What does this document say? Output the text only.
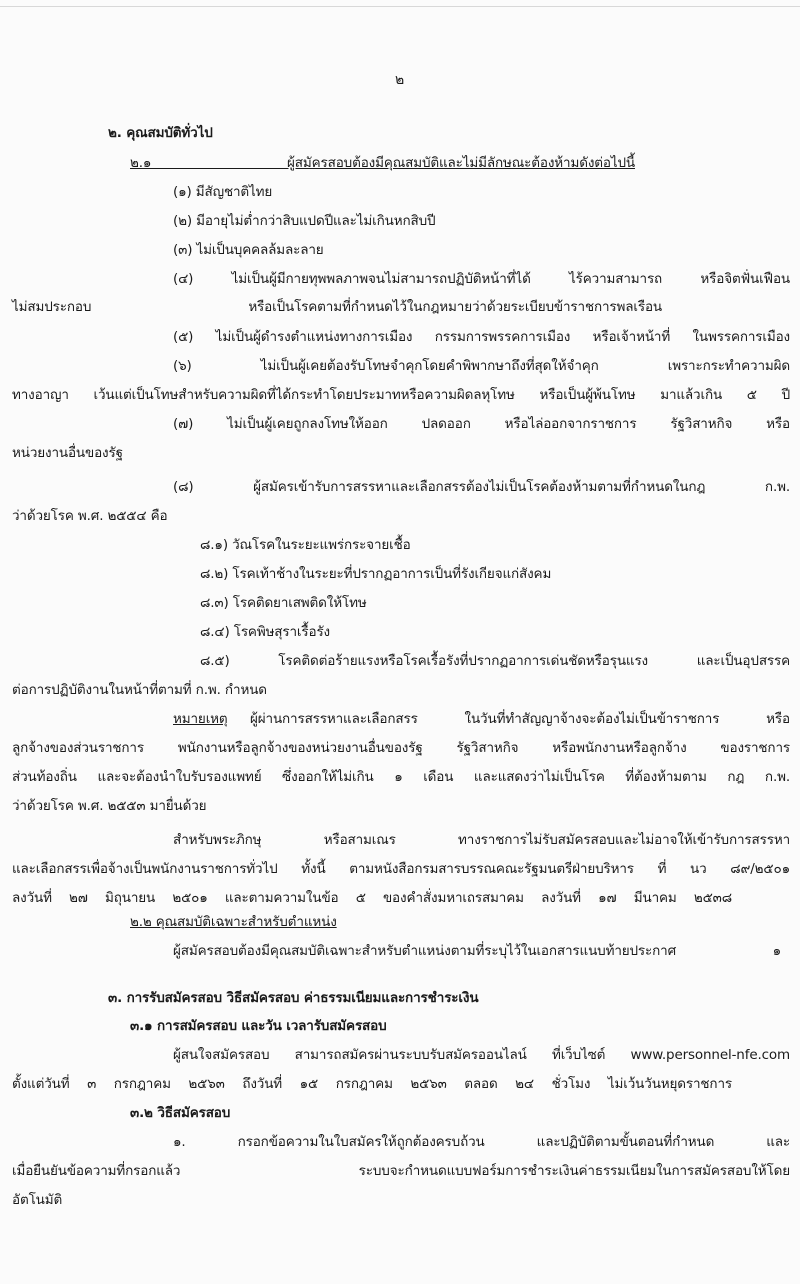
๒
๒. คุณสมบัติทั่วไป
๒.๑ ผู้สมัครสอบต้องมีคุณสมบัติและไม่มีลักษณะต้องห้ามดังต่อไปนี้
(๑) มีสัญชาติไทย
(๒) มีอายุไม่ต่ำกว่าสิบแปดปีและไม่เกินหกสิบปี
(๓) ไม่เป็นบุคคลล้มละลาย
(๔) ไม่เป็นผู้มีกายทุพพลภาพจนไม่สามารถปฏิบัติหน้าที่ได้ ไร้ความสามารถ หรือจิตฟั่นเฟือน
ไม่สมประกอบ หรือเป็นโรคตามที่กำหนดไว้ในกฎหมายว่าด้วยระเบียบข้าราชการพลเรือน
(๕) ไม่เป็นผู้ดำรงตำแหน่งทางการเมือง กรรมการพรรคการเมือง หรือเจ้าหน้าที่ ในพรรคการเมือง
(๖) ไม่เป็นผู้เคยต้องรับโทษจำคุกโดยคำพิพากษาถึงที่สุดให้จำคุก เพราะกระทำความผิด
ทางอาญา เว้นแต่เป็นโทษสำหรับความผิดที่ได้กระทำโดยประมาทหรือความผิดลหุโทษ หรือเป็นผู้พ้นโทษ มาแล้วเกิน ๕ ปี
(๗) ไม่เป็นผู้เคยถูกลงโทษให้ออก ปลดออก หรือไล่ออกจากราชการ รัฐวิสาหกิจ หรือ
หน่วยงานอื่นของรัฐ
(๘) ผู้สมัครเข้ารับการสรรหาและเลือกสรรต้องไม่เป็นโรคต้องห้ามตามที่กำหนดในกฎ ก.พ.
ว่าด้วยโรค พ.ศ. ๒๕๕๔ คือ
๘.๑) วัณโรคในระยะแพร่กระจายเชื้อ
๘.๒) โรคเท้าช้างในระยะที่ปรากฏอาการเป็นที่รังเกียจแก่สังคม
๘.๓) โรคติดยาเสพติดให้โทษ
๘.๔) โรคพิษสุราเรื้อรัง
๘.๕) โรคติดต่อร้ายแรงหรือโรคเรื้อรังที่ปรากฏอาการเด่นชัดหรือรุนแรง และเป็นอุปสรรค
ต่อการปฏิบัติงานในหน้าที่ตามที่ ก.พ. กำหนด
หมายเหตุ ผู้ผ่านการสรรหาและเลือกสรร ในวันที่ทำสัญญาจ้างจะต้องไม่เป็นข้าราชการ หรือ
ลูกจ้างของส่วนราชการ พนักงานหรือลูกจ้างของหน่วยงานอื่นของรัฐ รัฐวิสาหกิจ หรือพนักงานหรือลูกจ้าง ของราชการ
ส่วนท้องถิ่น และจะต้องนำใบรับรองแพทย์ ซึ่งออกให้ไม่เกิน ๑ เดือน และแสดงว่าไม่เป็นโรค ที่ต้องห้ามตาม กฎ ก.พ.
ว่าด้วยโรค พ.ศ. ๒๕๕๓ มายื่นด้วย
สำหรับพระภิกษุ หรือสามเณร ทางราชการไม่รับสมัครสอบและไม่อาจให้เข้ารับการสรรหา
และเลือกสรรเพื่อจ้างเป็นพนักงานราชการทั่วไป ทั้งนี้ ตามหนังสือกรมสารบรรณคณะรัฐมนตรีฝ่ายบริหาร ที่ นว ๘๙/๒๕๐๑
ลงวันที่ ๒๗ มิถุนายน ๒๕๐๑ และตามความในข้อ ๕ ของคำสั่งมหาเถรสมาคม ลงวันที่ ๑๗ มีนาคม ๒๕๓๘
๒.๒ คุณสมบัติเฉพาะสำหรับตำแหน่ง
ผู้สมัครสอบต้องมีคุณสมบัติเฉพาะสำหรับตำแหน่งตามที่ระบุไว้ในเอกสารแนบท้ายประกาศ ๑
๓. การรับสมัครสอบ วิธีสมัครสอบ ค่าธรรมเนียมและการชำระเงิน
๓.๑ การสมัครสอบ และวัน เวลารับสมัครสอบ
ผู้สนใจสมัครสอบ สามารถสมัครผ่านระบบรับสมัครออนไลน์ ที่เว็บไซต์ www.personnel-nfe.com
ตั้งแต่วันที่ ๓ กรกฎาคม ๒๕๖๓ ถึงวันที่ ๑๕ กรกฎาคม ๒๕๖๓ ตลอด ๒๔ ชั่วโมง ไม่เว้นวันหยุดราชการ
๓.๒ วิธีสมัครสอบ
๑. กรอกข้อความในใบสมัครให้ถูกต้องครบถ้วน และปฏิบัติตามขั้นตอนที่กำหนด และ
เมื่อยืนยันข้อความที่กรอกแล้ว ระบบจะกำหนดแบบฟอร์มการชำระเงินค่าธรรมเนียมในการสมัครสอบให้โดย
อัตโนมัติ
